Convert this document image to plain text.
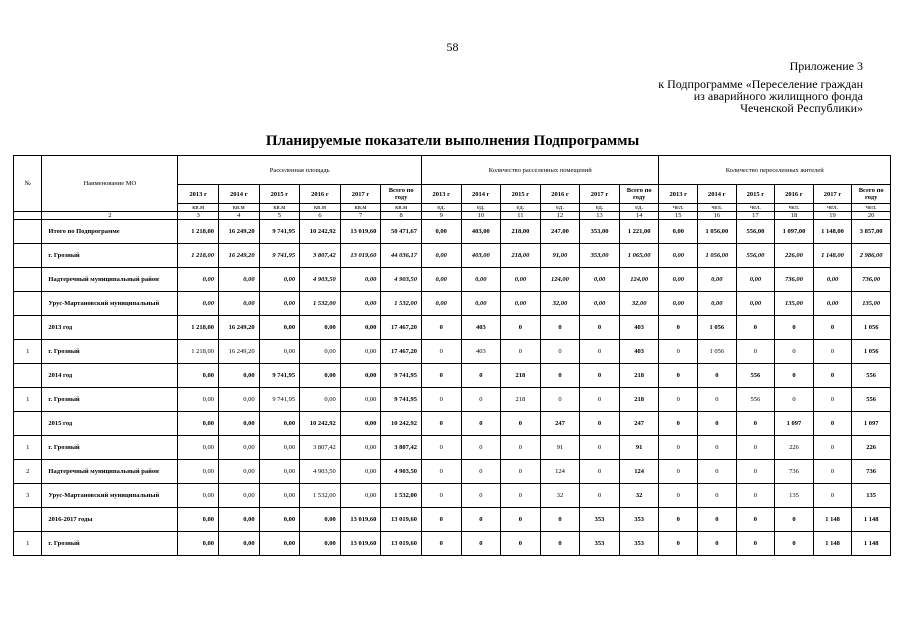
58
Приложение 3
к Подпрограмме «Переселение граждан
из аварийного жилищного фонда
Чеченской Республики»
Планируемые показатели выполнения Подпрограммы
№	Наименование МО	Расселенная площадь						Количество расселенных помещений						Количество переселенных жителей					
		2013 г	2014 г	2015 г	2016 г	2017 г	Всего по году	2013 г	2014 г	2015 г	2016 г	2017 г	Всего по году	2013 г	2014 г	2015 г	2016 г	2017 г	Всего по году
		кв.м	кв.м	кв.м	кв.м	кв.м	кв.м	ед.	ед.	ед.	ед.	ед.	ед.	чел.	чел.	чел.	чел.	чел.	чел.
	2	3	4	5	6	7	8	9	10	11	12	13	14	15	16	17	18	19	20
	Итого по Подпрограмме	1 218,00	16 249,20	9 741,95	10 242,92	13 019,60	50 471,67	0,00	403,00	218,00	247,00	353,00	1 221,00	0,00	1 056,00	556,00	1 097,00	1 148,00	3 857,00
	г. Грозный	1 218,00	16 249,20	9 741,95	3 807,42	13 019,60	44 036,17	0,00	403,00	218,00	91,00	353,00	1 065,00	0,00	1 056,00	556,00	226,00	1 148,00	2 986,00
	Надтеречный муниципальный район	0,00	0,00	0,00	4 903,50	0,00	4 903,50	0,00	0,00	0,00	124,00	0,00	124,00	0,00	0,00	0,00	736,00	0,00	736,00
	Урус-Мартановский муниципальный	0,00	0,00	0,00	1 532,00	0,00	1 532,00	0,00	0,00	0,00	32,00	0,00	32,00	0,00	0,00	0,00	135,00	0,00	135,00
	2013 год	1 218,00	16 249,20	0,00	0,00	0,00	17 467,20	0	403	0	0	0	403	0	1 056	0	0	0	1 056
1	г. Грозный	1 218,00	16 249,20	0,00	0,00	0,00	17 467,20	0	403	0	0	0	403	0	1 056	0	0	0	1 056
	2014 год	0,00	0,00	9 741,95	0,00	0,00	9 741,95	0	0	218	0	0	218	0	0	556	0	0	556
1	г. Грозный	0,00	0,00	9 741,95	0,00	0,00	9 741,95	0	0	218	0	0	218	0	0	556	0	0	556
	2015 год	0,00	0,00	0,00	10 242,92	0,00	10 242,92	0	0	0	247	0	247	0	0	0	1 097	0	1 097
1	г. Грозный	0,00	0,00	0,00	3 807,42	0,00	3 807,42	0	0	0	91	0	91	0	0	0	226	0	226
2	Надтеречный муниципальный район	0,00	0,00	0,00	4 903,50	0,00	4 903,50	0	0	0	124	0	124	0	0	0	736	0	736
3	Урус-Мартановский муниципальный	0,00	0,00	0,00	1 532,00	0,00	1 532,00	0	0	0	32	0	32	0	0	0	135	0	135
	2016-2017 годы	0,00	0,00	0,00	0,00	13 019,60	13 019,60	0	0	0	0	353	353	0	0	0	0	1 148	1 148
1	г. Грозный	0,00	0,00	0,00	0,00	13 019,60	13 019,60	0	0	0	0	353	353	0	0	0	0	1 148	1 148
